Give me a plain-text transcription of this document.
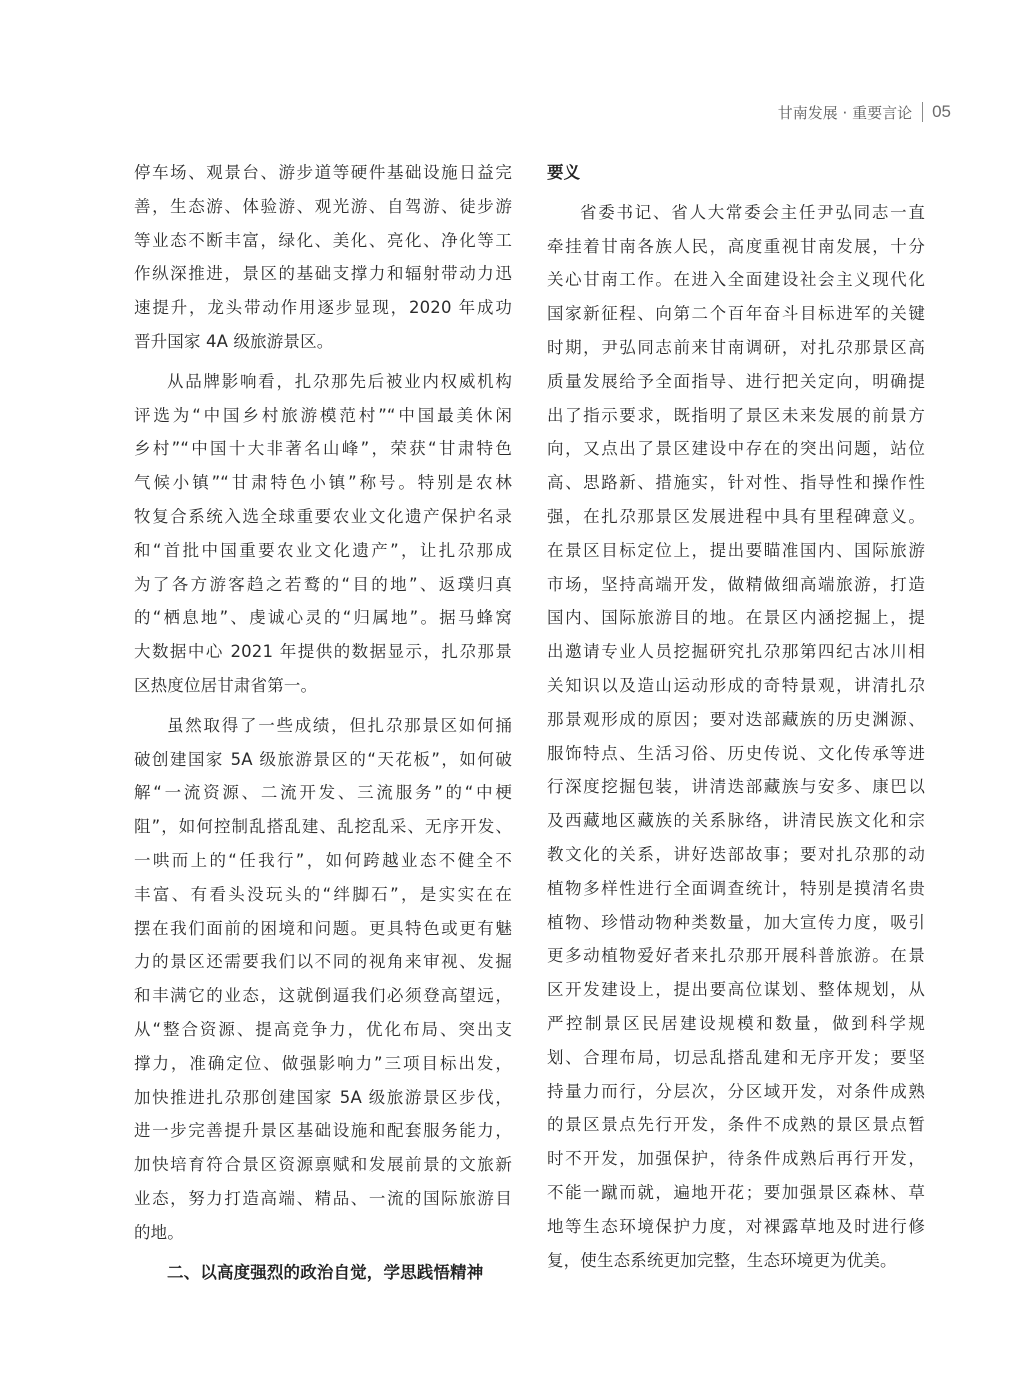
甘南发展 · 重要言论 05

停车场、观景台、游步道等硬件基础设施日益完
善，生态游、体验游、观光游、自驾游、徒步游
等业态不断丰富，绿化、美化、亮化、净化等工
作纵深推进，景区的基础支撑力和辐射带动力迅
速提升，龙头带动作用逐步显现，2020 年成功
晋升国家 4A 级旅游景区。

从品牌影响看，扎尕那先后被业内权威机构
评选为“中国乡村旅游模范村”“中国最美休闲
乡村”“中国十大非著名山峰”，荣获“甘肃特色
气候小镇”“甘肃特色小镇”称号。特别是农林
牧复合系统入选全球重要农业文化遗产保护名录
和“首批中国重要农业文化遗产”，让扎尕那成
为了各方游客趋之若鹜的“目的地”、返璞归真
的“栖息地”、虔诚心灵的“归属地”。据马蜂窝
大数据中心 2021 年提供的数据显示，扎尕那景
区热度位居甘肃省第一。

虽然取得了一些成绩，但扎尕那景区如何捅
破创建国家 5A 级旅游景区的“天花板”，如何破
解“一流资源、二流开发、三流服务”的“中梗
阻”，如何控制乱搭乱建、乱挖乱采、无序开发、
一哄而上的“任我行”，如何跨越业态不健全不
丰富、有看头没玩头的“绊脚石”，是实实在在
摆在我们面前的困境和问题。更具特色或更有魅
力的景区还需要我们以不同的视角来审视、发掘
和丰满它的业态，这就倒逼我们必须登高望远，
从“整合资源、提高竞争力，优化布局、突出支
撑力，准确定位、做强影响力”三项目标出发，
加快推进扎尕那创建国家 5A 级旅游景区步伐，
进一步完善提升景区基础设施和配套服务能力，
加快培育符合景区资源禀赋和发展前景的文旅新
业态，努力打造高端、精品、一流的国际旅游目
的地。

二、以高度强烈的政治自觉，学思践悟精神

要义

省委书记、省人大常委会主任尹弘同志一直
牵挂着甘南各族人民，高度重视甘南发展，十分
关心甘南工作。在进入全面建设社会主义现代化
国家新征程、向第二个百年奋斗目标进军的关键
时期，尹弘同志前来甘南调研，对扎尕那景区高
质量发展给予全面指导、进行把关定向，明确提
出了指示要求，既指明了景区未来发展的前景方
向，又点出了景区建设中存在的突出问题，站位
高、思路新、措施实，针对性、指导性和操作性
强，在扎尕那景区发展进程中具有里程碑意义。
在景区目标定位上，提出要瞄准国内、国际旅游
市场，坚持高端开发，做精做细高端旅游，打造
国内、国际旅游目的地。在景区内涵挖掘上，提
出邀请专业人员挖掘研究扎尕那第四纪古冰川相
关知识以及造山运动形成的奇特景观，讲清扎尕
那景观形成的原因；要对迭部藏族的历史渊源、
服饰特点、生活习俗、历史传说、文化传承等进
行深度挖掘包装，讲清迭部藏族与安多、康巴以
及西藏地区藏族的关系脉络，讲清民族文化和宗
教文化的关系，讲好迭部故事；要对扎尕那的动
植物多样性进行全面调查统计，特别是摸清名贵
植物、珍惜动物种类数量，加大宣传力度，吸引
更多动植物爱好者来扎尕那开展科普旅游。在景
区开发建设上，提出要高位谋划、整体规划，从
严控制景区民居建设规模和数量，做到科学规
划、合理布局，切忌乱搭乱建和无序开发；要坚
持量力而行，分层次，分区域开发，对条件成熟
的景区景点先行开发，条件不成熟的景区景点暂
时不开发，加强保护，待条件成熟后再行开发，
不能一蹴而就，遍地开花；要加强景区森林、草
地等生态环境保护力度，对裸露草地及时进行修
复，使生态系统更加完整，生态环境更为优美。
